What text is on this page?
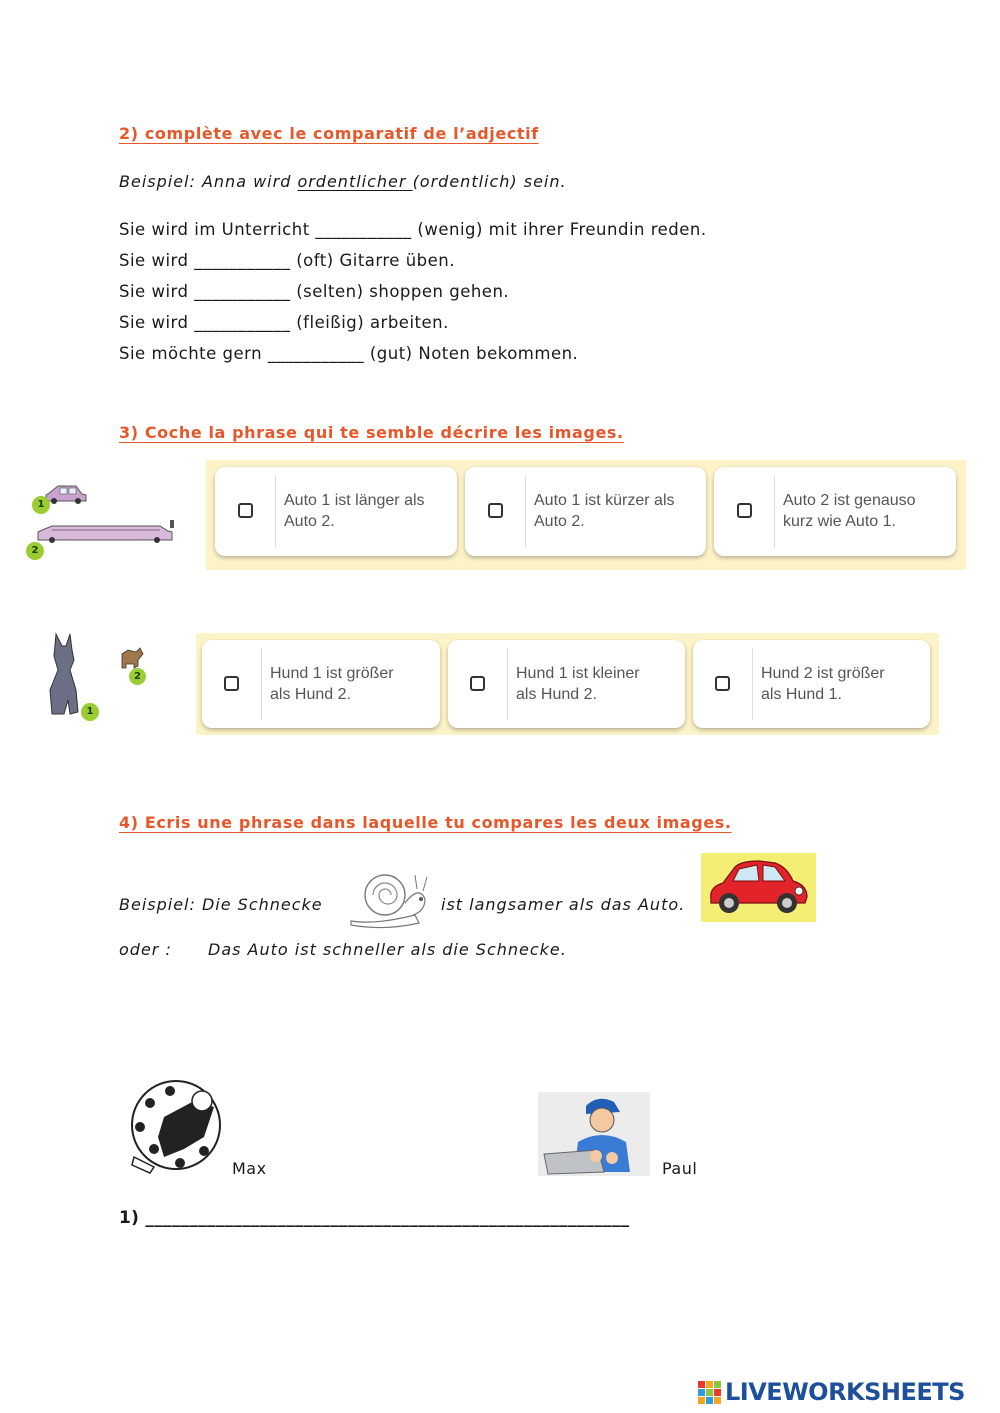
2) complète avec le comparatif de l’adjectif
Beispiel: Anna wird ordentlicher (ordentlich) sein.
Sie wird im Unterricht ___________ (wenig) mit ihrer Freundin reden.
Sie wird ___________ (oft) Gitarre üben.
Sie wird ___________ (selten) shoppen gehen.
Sie wird ___________ (fleißig) arbeiten.
Sie möchte gern ___________ (gut) Noten bekommen.
3) Coche la phrase qui te semble décrire les images.
1
2
Auto 1 ist länger als
Auto 2.
Auto 1 ist kürzer als
Auto 2.
Auto 2 ist genauso
kurz wie Auto 1.
2
1
Hund 1 ist größer
als Hund 2.
Hund 1 ist kleiner
als Hund 2.
Hund 2 ist größer
als Hund 1.
4) Ecris une phrase dans laquelle tu compares les deux images.
Beispiel: Die Schnecke	ist langsamer als das Auto.
oder : Das Auto ist schneller als die Schnecke.
Max	Paul
1) _______________________________________________________
LIVEWORKSHEETS
